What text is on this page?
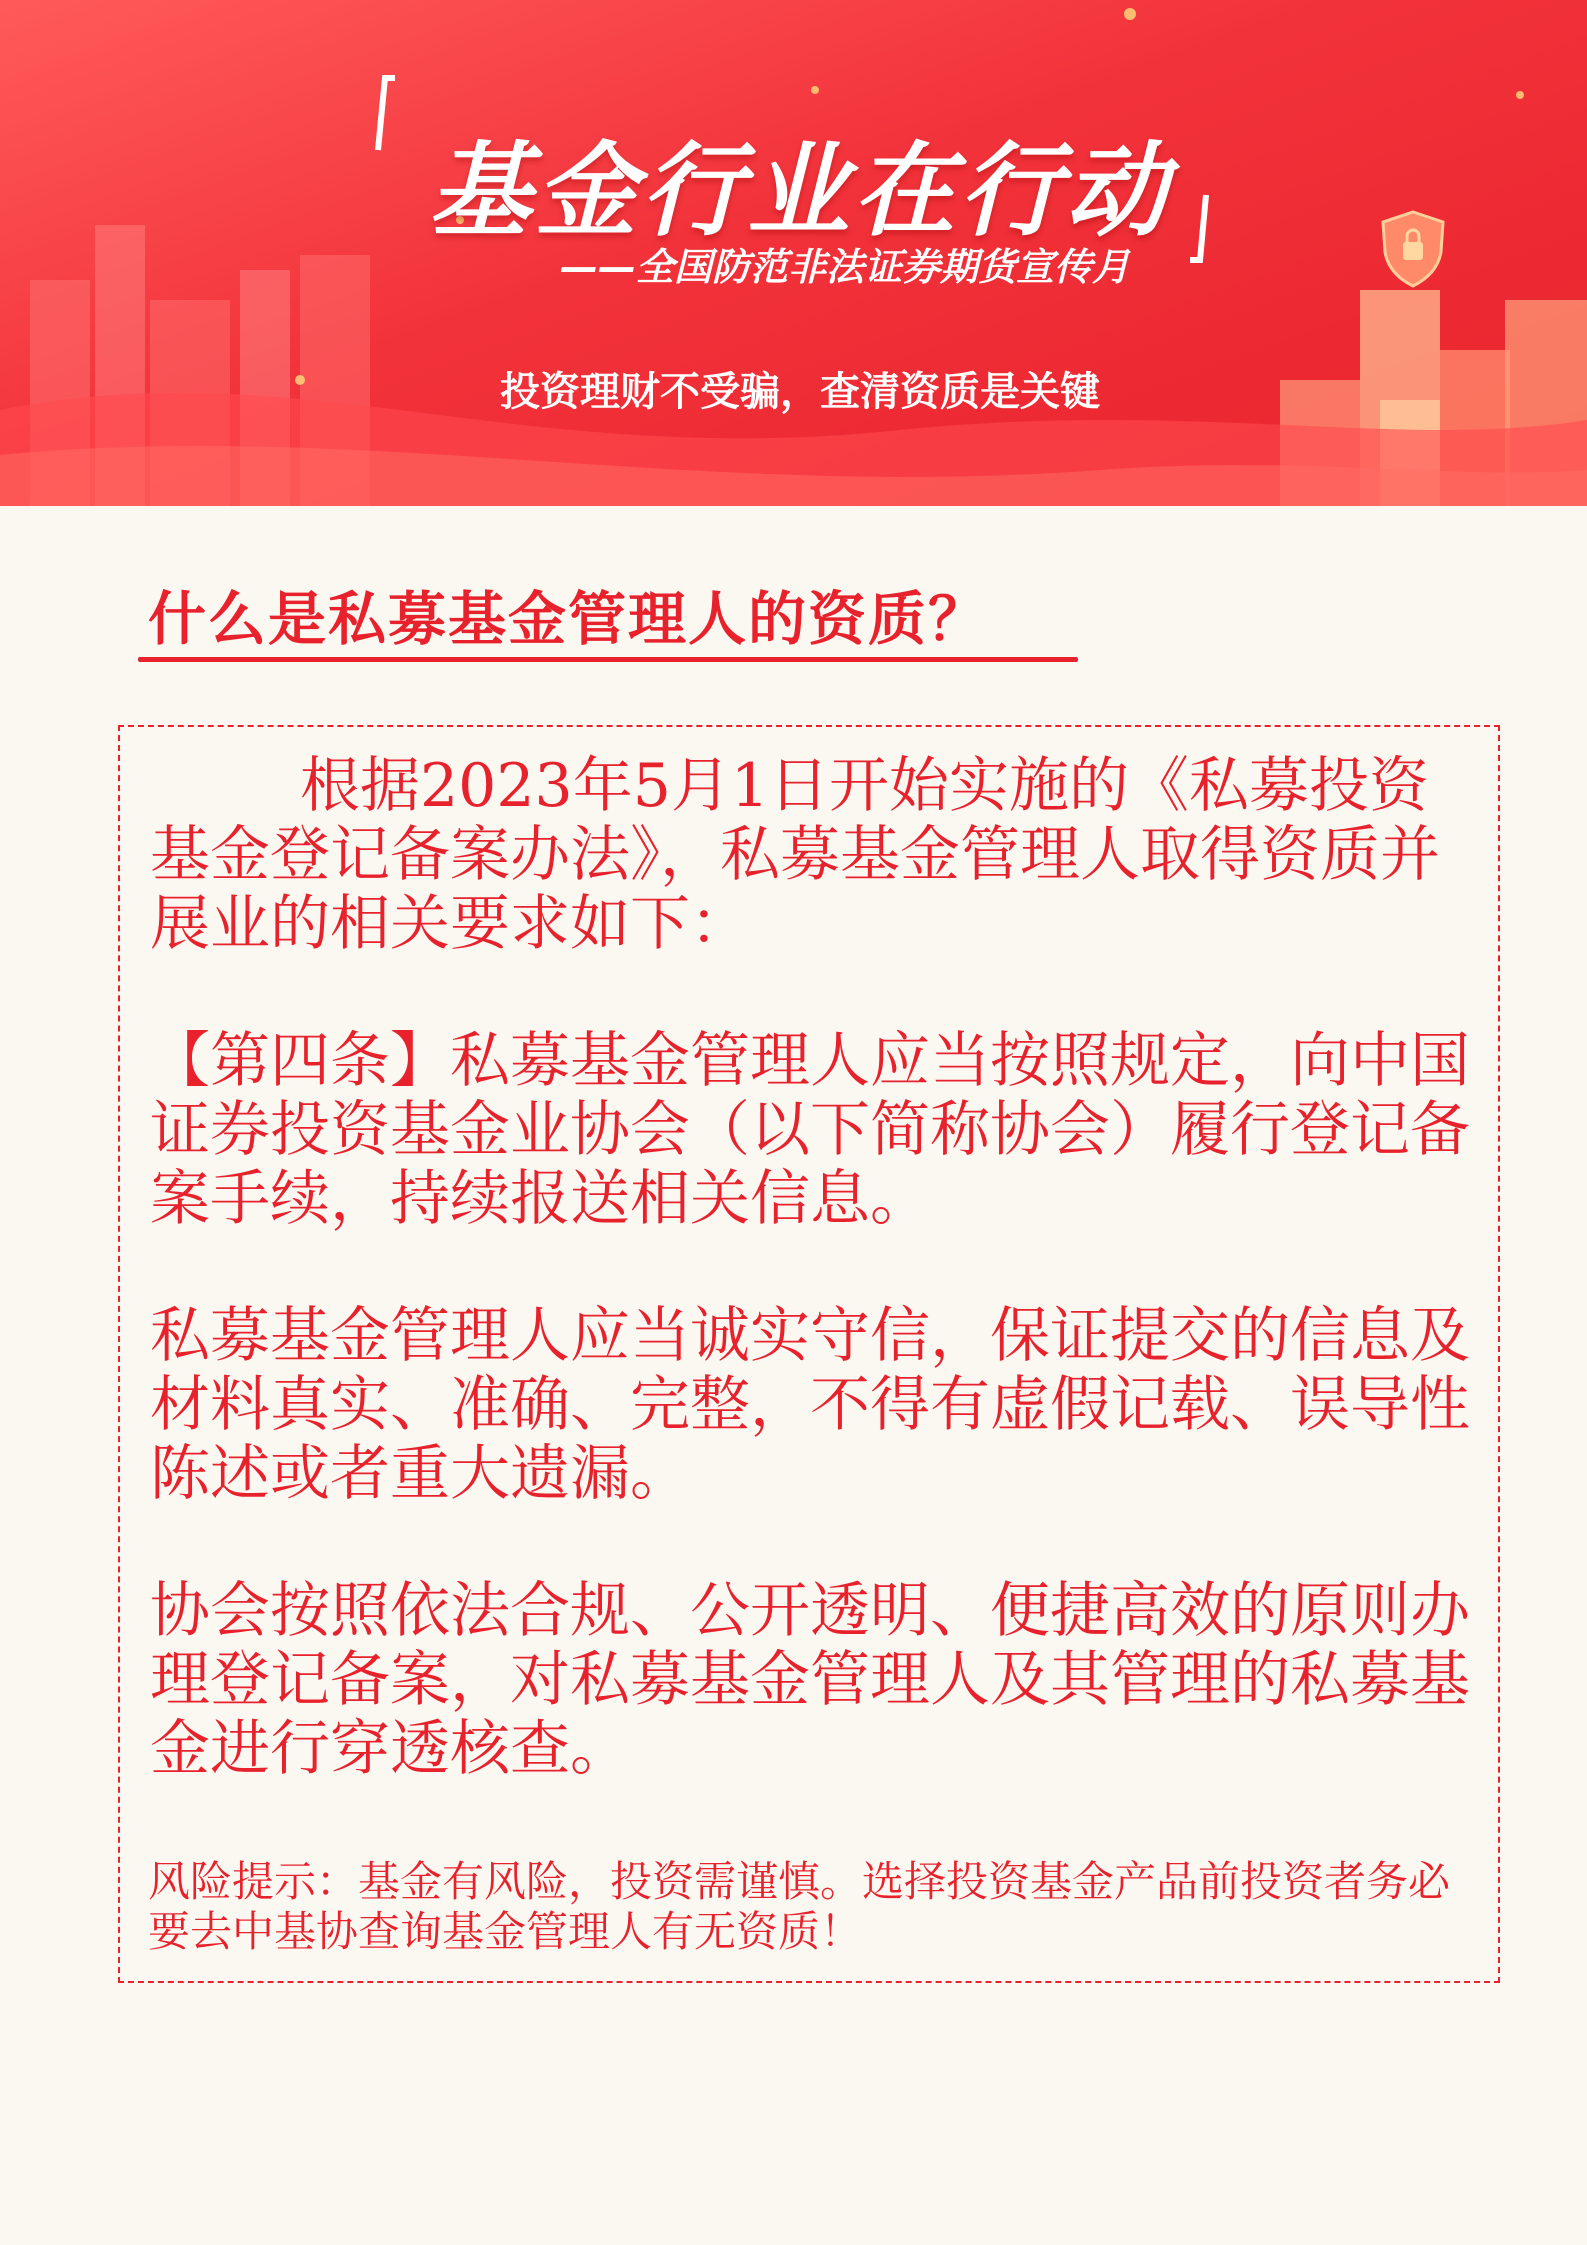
基金行业在行动
——全国防范非法证券期货宣传月
投资理财不受骗，查清资质是关键
什么是私募基金管理人的资质？

根据2023年5月1日开始实施的《私募投资基金登记备案办法》，私募基金管理人取得资质并展业的相关要求如下：

【第四条】私募基金管理人应当按照规定，向中国证券投资基金业协会（以下简称协会）履行登记备案手续，持续报送相关信息。

私募基金管理人应当诚实守信，保证提交的信息及材料真实、准确、完整，不得有虚假记载、误导性陈述或者重大遗漏。

协会按照依法合规、公开透明、便捷高效的原则办理登记备案，对私募基金管理人及其管理的私募基金进行穿透核查。

风险提示：基金有风险，投资需谨慎。选择投资基金产品前投资者务必要去中基协查询基金管理人有无资质！
